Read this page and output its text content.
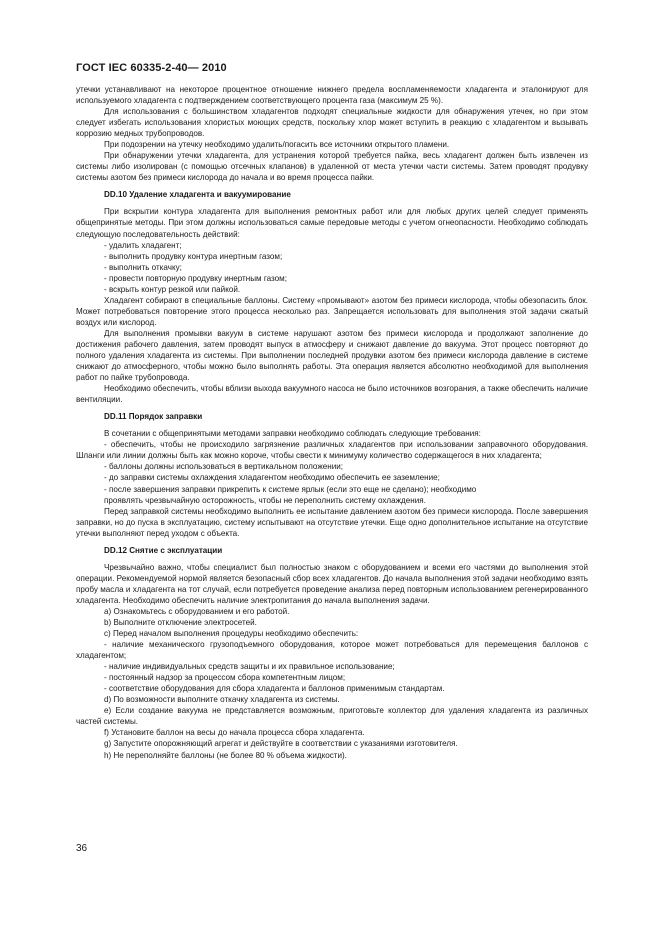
ГОСТ IEC 60335-2-40— 2010

утечки устанавливают на некоторое процентное отношение нижнего предела воспламеняемости хладагента и эталонируют для используемого хладагента с подтверждением соответствующего процента газа (максимум 25 %).

Для использования с большинством хладагентов подходят специальные жидкости для обнаружения утечек, но при этом следует избегать использования хлористых моющих средств, поскольку хлор может вступить в реакцию с хладагентом и вызывать коррозию медных трубопроводов.

При подозрении на утечку необходимо удалить/погасить все источники открытого пламени.

При обнаружении утечки хладагента, для устранения которой требуется пайка, весь хладагент должен быть извлечен из системы либо изолирован (с помощью отсечных клапанов) в удаленной от места утечки части системы. Затем проводят продувку системы азотом без примеси кислорода до начала и во время процесса пайки.

DD.10 Удаление хладагента и вакуумирование

При вскрытии контура хладагента для выполнения ремонтных работ или для любых других целей следует применять общепринятые методы. При этом должны использоваться самые передовые методы с учетом огнеопасности. Необходимо соблюдать следующую последовательность действий:

- удалить хладагент;

- выполнить продувку контура инертным газом;

- выполнить откачку;

- провести повторную продувку инертным газом;

- вскрыть контур резкой или пайкой.

Хладагент собирают в специальные баллоны. Систему «промывают» азотом без примеси кислорода, чтобы обезопасить блок. Может потребоваться повторение этого процесса несколько раз. Запрещается использовать для выполнения этой задачи сжатый воздух или кислород.

Для выполнения промывки вакуум в системе нарушают азотом без примеси кислорода и продолжают заполнение до достижения рабочего давления, затем проводят выпуск в атмосферу и снижают давление до вакуума. Этот процесс повторяют до полного удаления хладагента из системы. При выполнении последней продувки азотом без примеси кислорода давление в системе снижают до атмосферного, чтобы можно было выполнять работы. Эта операция является абсолютно необходимой для выполнения работ по пайке трубопровода.

Необходимо обеспечить, чтобы вблизи выхода вакуумного насоса не было источников возгорания, а также обеспечить наличие вентиляции.

DD.11 Порядок заправки

В сочетании с общепринятыми методами заправки необходимо соблюдать следующие требования:

- обеспечить, чтобы не происходило загрязнение различных хладагентов при использовании заправочного оборудования. Шланги или линии должны быть как можно короче, чтобы свести к минимуму количество содержащегося в них хладагента;

- баллоны должны использоваться в вертикальном положении;

- до заправки системы охлаждения хладагентом необходимо обеспечить ее заземление;

- после завершения заправки прикрепить к системе ярлык (если это еще не сделано); необходимо

проявлять чрезвычайную осторожность, чтобы не переполнить систему охлаждения.

Перед заправкой системы необходимо выполнить ее испытание давлением азотом без примеси кислорода. После завершения заправки, но до пуска в эксплуатацию, систему испытывают на отсутствие утечки. Еще одно дополнительное испытание на отсутствие утечки выполняют перед уходом с объекта.

DD.12 Снятие с эксплуатации

Чрезвычайно важно, чтобы специалист был полностью знаком с оборудованием и всеми его частями до выполнения этой операции. Рекомендуемой нормой является безопасный сбор всех хладагентов. До начала выполнения этой задачи необходимо взять пробу масла и хладагента на тот случай, если потребуется проведение анализа перед повторным использованием регенерированного хладагента. Необходимо обеспечить наличие электропитания до начала выполнения задачи.

a) Ознакомьтесь с оборудованием и его работой.

b) Выполните отключение электросетей.

c) Перед началом выполнения процедуры необходимо обеспечить:

- наличие механического грузоподъемного оборудования, которое может потребоваться для перемещения баллонов с хладагентом;

- наличие индивидуальных средств защиты и их правильное использование;

- постоянный надзор за процессом сбора компетентным лицом;

- соответствие оборудования для сбора хладагента и баллонов применимым стандартам.

d) По возможности выполните откачку хладагента из системы.

e) Если создание вакуума не представляется возможным, приготовьте коллектор для удаления хладагента из различных частей системы.

f) Установите баллон на весы до начала процесса сбора хладагента.

g) Запустите опорожняющий агрегат и действуйте в соответствии с указаниями изготовителя.

h) Не переполняйте баллоны (не более 80 % объема жидкости).

36
